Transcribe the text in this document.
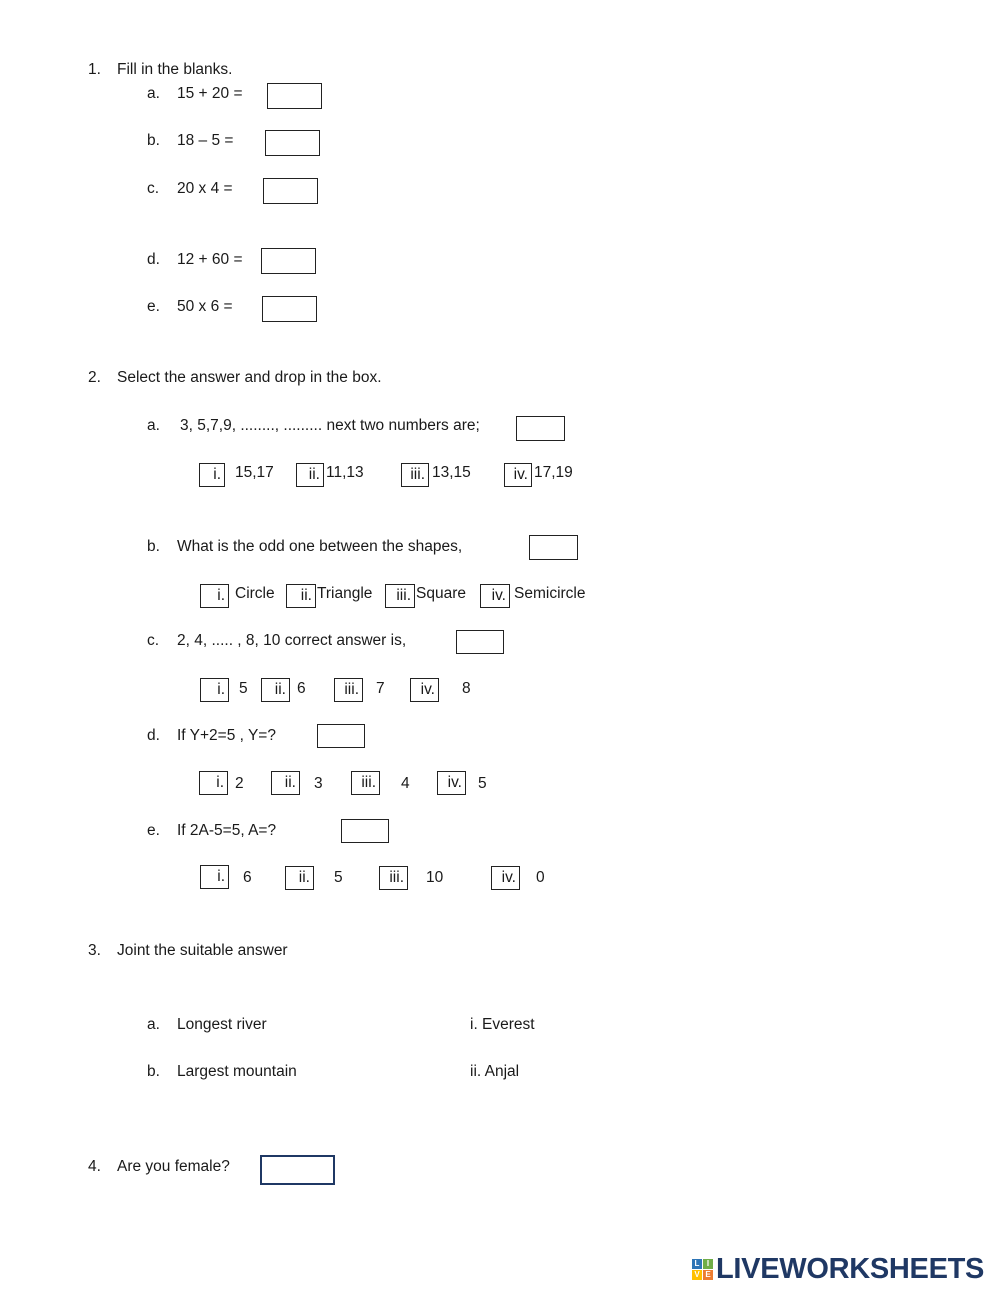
1. Fill in the blanks.
a. 15 + 20 =
b. 18 – 5 =
c. 20 x 4 =
d. 12 + 60 =
e. 50 x 6 =
2. Select the answer and drop in the box.
a. 3, 5,7,9, ........, ......... next two numbers are;
i. 15,17	ii. 11,13	iii. 13,15	iv. 17,19
b. What is the odd one between the shapes,
i. Circle	ii. Triangle	iii. Square	iv. Semicircle
c. 2, 4, ..... , 8, 10 correct answer is,
i. 5	ii. 6	iii. 7	iv. 8
d. If Y+2=5 , Y=?
i. 2	ii. 3	iii. 4	iv. 5
e. If 2A-5=5, A=?
i. 6	ii. 5	iii. 10	iv. 0
3. Joint the suitable answer
a. Longest river	i. Everest
b. Largest mountain	ii. Anjal
4. Are you female?
L I
V E LIVEWORKSHEETS
